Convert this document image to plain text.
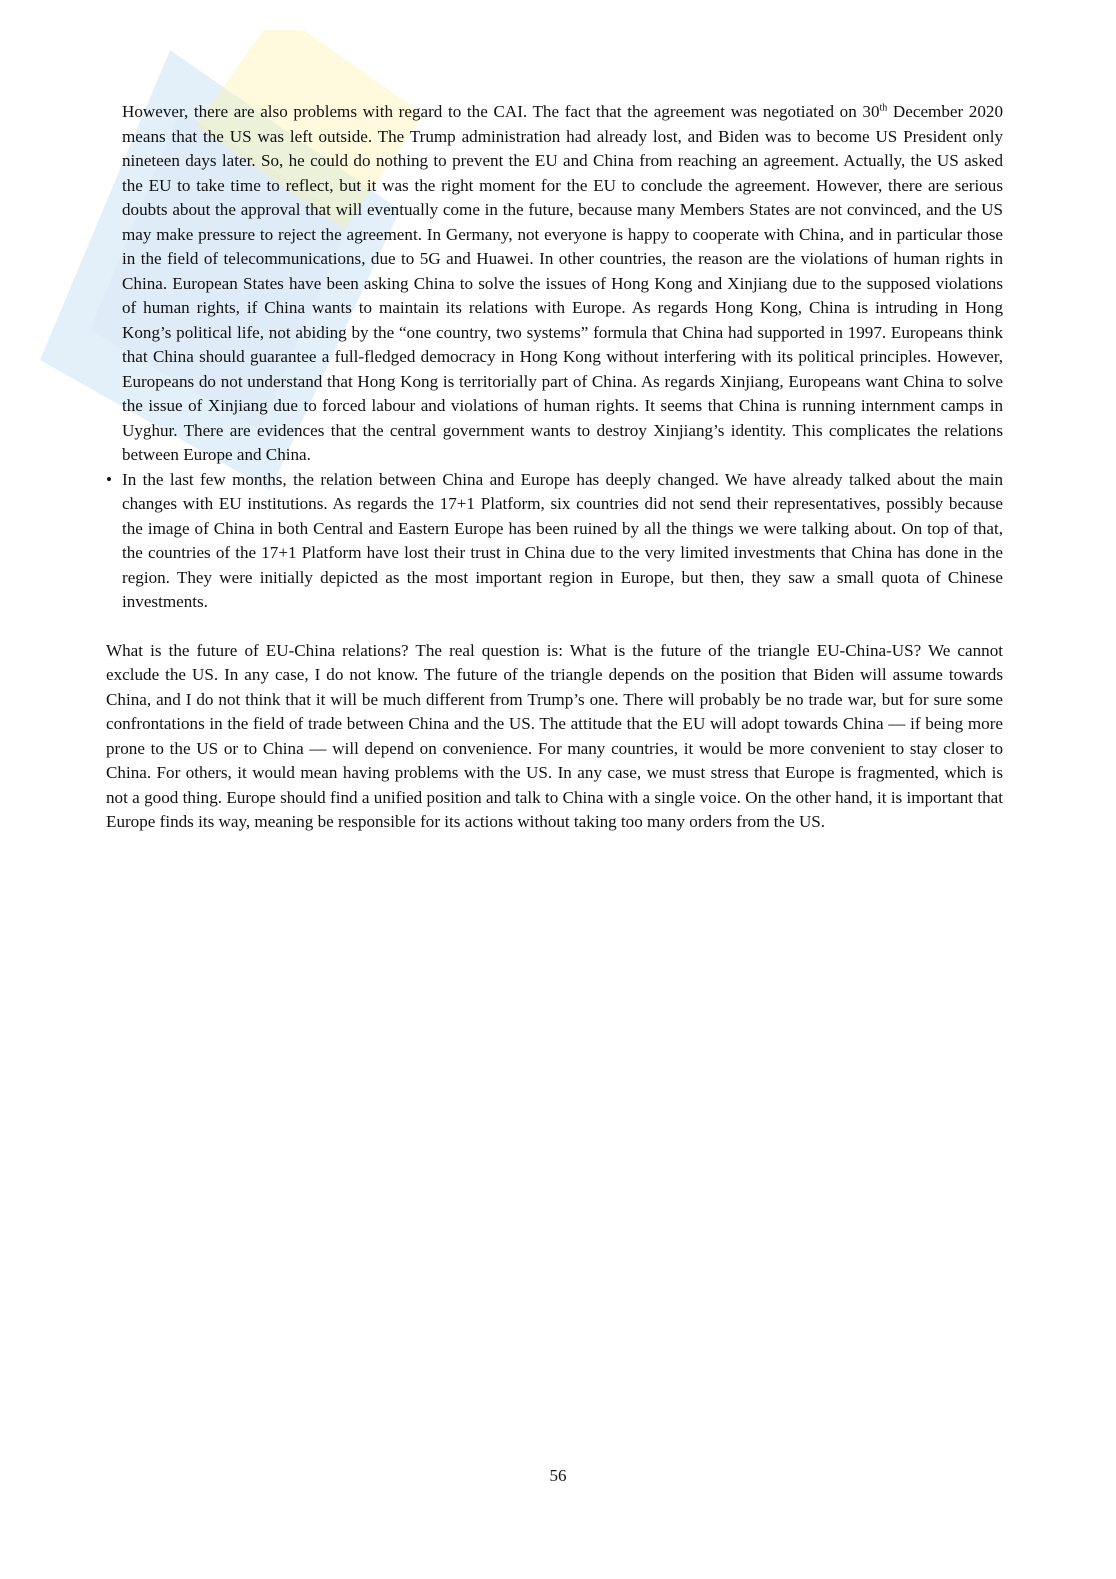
However, there are also problems with regard to the CAI. The fact that the agreement was negotiated on 30th December 2020 means that the US was left outside. The Trump administration had already lost, and Biden was to become US President only nineteen days later. So, he could do nothing to prevent the EU and China from reaching an agreement. Actually, the US asked the EU to take time to reflect, but it was the right moment for the EU to conclude the agreement. However, there are serious doubts about the approval that will eventually come in the future, because many Members States are not convinced, and the US may make pressure to reject the agreement. In Germany, not everyone is happy to cooperate with China, and in particular those in the field of telecommunications, due to 5G and Huawei. In other countries, the reason are the violations of human rights in China. European States have been asking China to solve the issues of Hong Kong and Xinjiang due to the supposed violations of human rights, if China wants to maintain its relations with Europe. As regards Hong Kong, China is intruding in Hong Kong’s political life, not abiding by the “one country, two systems” formula that China had supported in 1997. Europeans think that China should guarantee a full-fledged democracy in Hong Kong without interfering with its political principles. However, Europeans do not understand that Hong Kong is territorially part of China. As regards Xinjiang, Europeans want China to solve the issue of Xinjiang due to forced labour and violations of human rights. It seems that China is running internment camps in Uyghur. There are evidences that the central government wants to destroy Xinjiang’s identity. This complicates the relations between Europe and China.

• In the last few months, the relation between China and Europe has deeply changed. We have already talked about the main changes with EU institutions. As regards the 17+1 Platform, six countries did not send their representatives, possibly because the image of China in both Central and Eastern Europe has been ruined by all the things we were talking about. On top of that, the countries of the 17+1 Platform have lost their trust in China due to the very limited investments that China has done in the region. They were initially depicted as the most important region in Europe, but then, they saw a small quota of Chinese investments.

What is the future of EU-China relations? The real question is: What is the future of the triangle EU-China-US? We cannot exclude the US. In any case, I do not know. The future of the triangle depends on the position that Biden will assume towards China, and I do not think that it will be much different from Trump’s one. There will probably be no trade war, but for sure some confrontations in the field of trade between China and the US. The attitude that the EU will adopt towards China — if being more prone to the US or to China — will depend on convenience. For many countries, it would be more convenient to stay closer to China. For others, it would mean having problems with the US. In any case, we must stress that Europe is fragmented, which is not a good thing. Europe should find a unified position and talk to China with a single voice. On the other hand, it is important that Europe finds its way, meaning be responsible for its actions without taking too many orders from the US.

56
